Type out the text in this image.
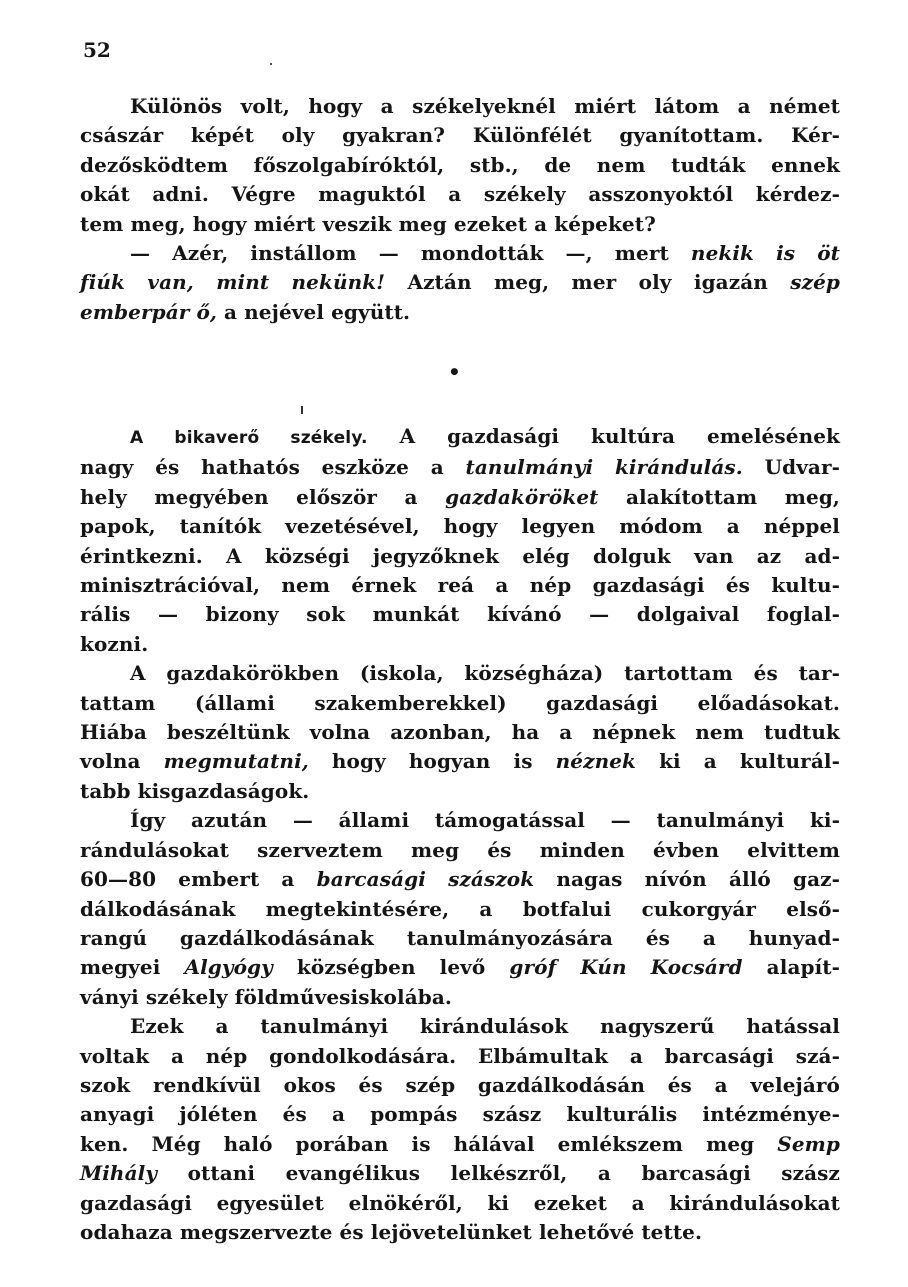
52

Különös volt, hogy a székelyeknél miért látom a német
császár képét oly gyakran? Különfélét gyanítottam. Kér-
dezősködtem főszolgabíróktól, stb., de nem tudták ennek
okát adni. Végre maguktól a székely asszonyoktól kérdez-
tem meg, hogy miért veszik meg ezeket a képeket?
— Azér, instállom — mondották —, mert nekik is öt
fiúk van, mint nekünk! Aztán meg, mer oly igazán szép
emberpár ő, a nejével együtt.

•

A bikaverő székely. A gazdasági kultúra emelésének
nagy és hathatós eszköze a tanulmányi kirándulás. Udvar-
hely megyében először a gazdaköröket alakítottam meg,
papok, tanítók vezetésével, hogy legyen módom a néppel
érintkezni. A községi jegyzőknek elég dolguk van az ad-
minisztrációval, nem érnek reá a nép gazdasági és kultu-
rális — bizony sok munkát kívánó — dolgaival foglal-
kozni.
A gazdakörökben (iskola, községháza) tartottam és tar-
tattam (állami szakemberekkel) gazdasági előadásokat.
Hiába beszéltünk volna azonban, ha a népnek nem tudtuk
volna megmutatni, hogy hogyan is néznek ki a kulturál-
tabb kisgazdaságok.
Így azután — állami támogatással — tanulmányi ki-
rándulásokat szerveztem meg és minden évben elvittem
60—80 embert a barcasági szászok nagas nívón álló gaz-
dálkodásának megtekintésére, a botfalui cukorgyár első-
rangú gazdálkodásának tanulmányozására és a hunyad-
megyei Algyógy községben levő gróf Kún Kocsárd alapít-
ványi székely földművesiskolába.
Ezek a tanulmányi kirándulások nagyszerű hatással
voltak a nép gondolkodására. Elbámultak a barcasági szá-
szok rendkívül okos és szép gazdálkodásán és a velejáró
anyagi jóléten és a pompás szász kulturális intézménye-
ken. Még haló porában is hálával emlékszem meg Semp
Mihály ottani evangélikus lelkészről, a barcasági szász
gazdasági egyesület elnökéről, ki ezeket a kirándulásokat
odahaza megszervezte és lejövetelünket lehetővé tette.
